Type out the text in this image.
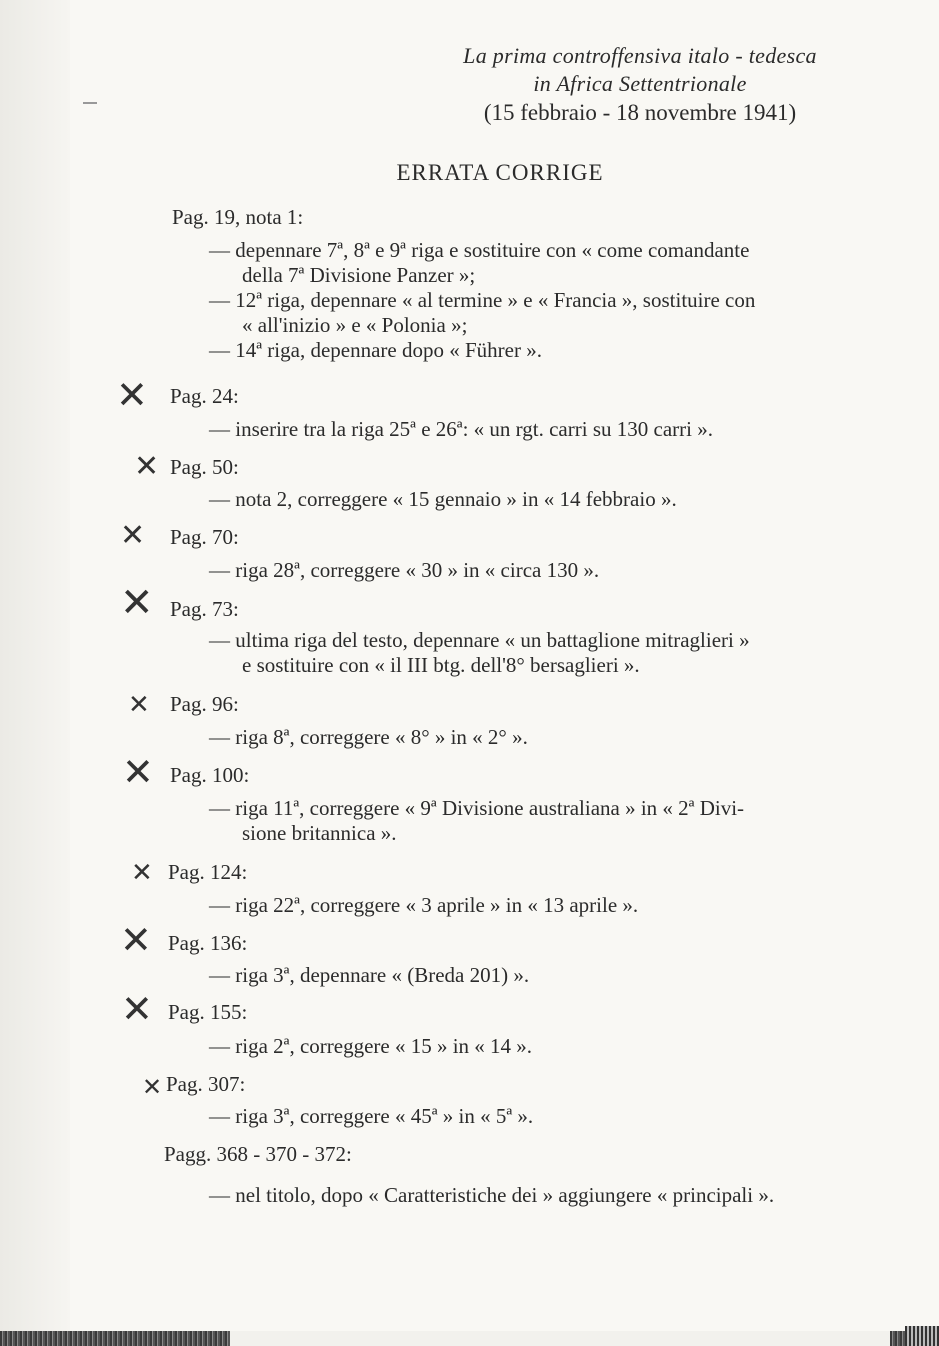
La prima controffensiva italo - tedesca
in Africa Settentrionale
(15 febbraio - 18 novembre 1941)
ERRATA CORRIGE
Pag. 19, nota 1:
— depennare 7ª, 8ª e 9ª riga e sostituire con « come comandante
della 7ª Divisione Panzer »;
— 12ª riga, depennare « al termine » e « Francia », sostituire con
« all'inizio » e « Polonia »;
— 14ª riga, depennare dopo « Führer ».
✕ Pag. 24:
— inserire tra la riga 25ª e 26ª: « un rgt. carri su 130 carri ».
✕ Pag. 50:
— nota 2, correggere « 15 gennaio » in « 14 febbraio ».
✕ Pag. 70:
— riga 28ª, correggere « 30 » in « circa 130 ».
✕ Pag. 73:
— ultima riga del testo, depennare « un battaglione mitraglieri »
e sostituire con « il III btg. dell'8° bersaglieri ».
✕ Pag. 96:
— riga 8ª, correggere « 8° » in « 2° ».
✕ Pag. 100:
— riga 11ª, correggere « 9ª Divisione australiana » in « 2ª Divi-
sione britannica ».
✕ Pag. 124:
— riga 22ª, correggere « 3 aprile » in « 13 aprile ».
✕ Pag. 136:
— riga 3ª, depennare « (Breda 201) ».
✕ Pag. 155:
— riga 2ª, correggere « 15 » in « 14 ».
✕ Pag. 307:
— riga 3ª, correggere « 45ª » in « 5ª ».
Pagg. 368 - 370 - 372:
— nel titolo, dopo « Caratteristiche dei » aggiungere « principali ».
